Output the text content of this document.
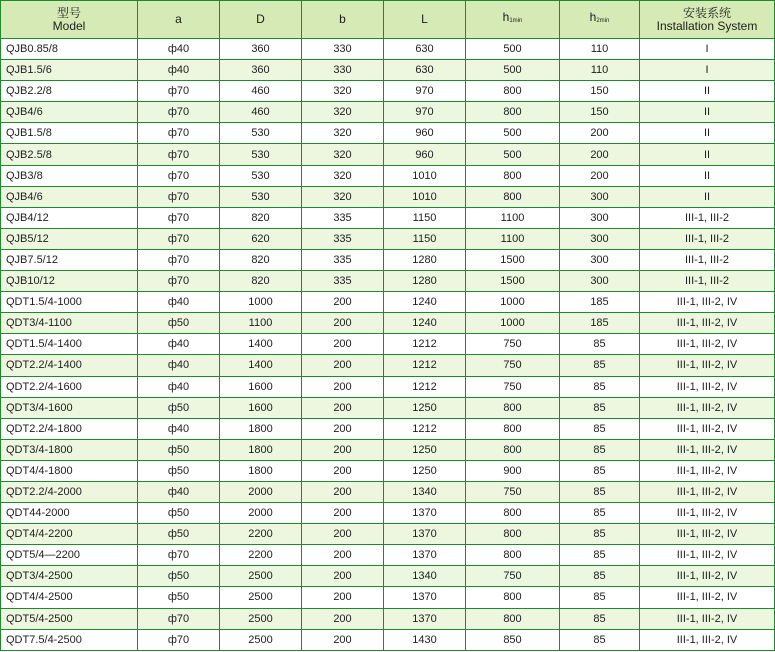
型号
Model	a	D	b	L	h1min	h2min	安装系统
Installation System

QJB0.85/8	ф40	360	330	630	500	110	I
QJB1.5/6	ф40	360	330	630	500	110	I
QJB2.2/8	ф70	460	320	970	800	150	II
QJB4/6	ф70	460	320	970	800	150	II
QJB1.5/8	ф70	530	320	960	500	200	II
QJB2.5/8	ф70	530	320	960	500	200	II
QJB3/8	ф70	530	320	1010	800	200	II
QJB4/6	ф70	530	320	1010	800	300	II
QJB4/12	ф70	820	335	1150	1100	300	III-1, III-2
QJB5/12	ф70	620	335	1150	1100	300	III-1, III-2
QJB7.5/12	ф70	820	335	1280	1500	300	III-1, III-2
QJB10/12	ф70	820	335	1280	1500	300	III-1, III-2
QDT1.5/4-1000	ф40	1000	200	1240	1000	185	III-1, III-2, IV
QDT3/4-1100	ф50	1100	200	1240	1000	185	III-1, III-2, IV
QDT1.5/4-1400	ф40	1400	200	1212	750	85	III-1, III-2, IV
QDT2.2/4-1400	ф40	1400	200	1212	750	85	III-1, III-2, IV
QDT2.2/4-1600	ф40	1600	200	1212	750	85	III-1, III-2, IV
QDT3/4-1600	ф50	1600	200	1250	800	85	III-1, III-2, IV
QDT2.2/4-1800	ф40	1800	200	1212	800	85	III-1, III-2, IV
QDT3/4-1800	ф50	1800	200	1250	800	85	III-1, III-2, IV
QDT4/4-1800	ф50	1800	200	1250	900	85	III-1, III-2, IV
QDT2.2/4-2000	ф40	2000	200	1340	750	85	III-1, III-2, IV
QDT44-2000	ф50	2000	200	1370	800	85	III-1, III-2, IV
QDT4/4-2200	ф50	2200	200	1370	800	85	III-1, III-2, IV
QDT5/4—2200	ф70	2200	200	1370	800	85	III-1, III-2, IV
QDT3/4-2500	ф50	2500	200	1340	750	85	III-1, III-2, IV
QDT4/4-2500	ф50	2500	200	1370	800	85	III-1, III-2, IV
QDT5/4-2500	ф70	2500	200	1370	800	85	III-1, III-2, IV
QDT7.5/4-2500	ф70	2500	200	1430	850	85	III-1, III-2, IV
